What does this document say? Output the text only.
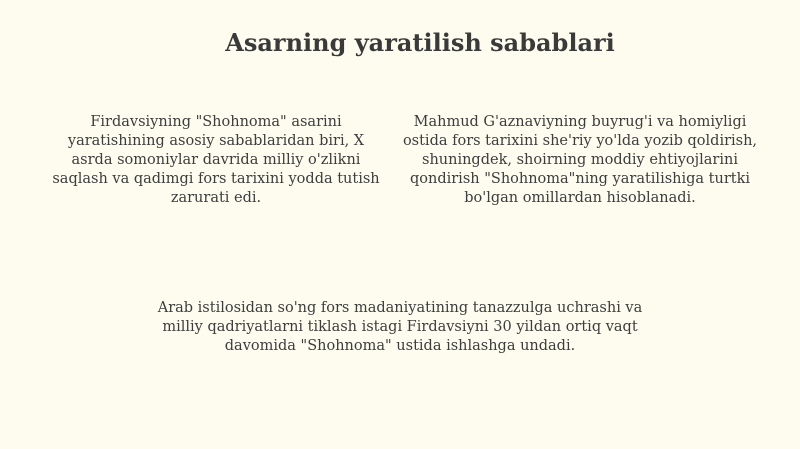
Asarning yaratilish sabablari

Firdavsiyning "Shohnoma" asarini yaratishining asosiy sabablaridan biri, X asrda somoniylar davrida milliy o'zlikni saqlash va qadimgi fors tarixini yodda tutish zarurati edi.

Mahmud G'aznaviyning buyrug'i va homiyligi ostida fors tarixini she'riy yo'lda yozib qoldirish, shuningdek, shoirning moddiy ehtiyojlarini qondirish "Shohnoma"ning yaratilishiga turtki bo'lgan omillardan hisoblanadi.

Arab istilosidan so'ng fors madaniyatining tanazzulga uchrashi va milliy qadriyatlarni tiklash istagi Firdavsiyni 30 yildan ortiq vaqt davomida "Shohnoma" ustida ishlashga undadi.
